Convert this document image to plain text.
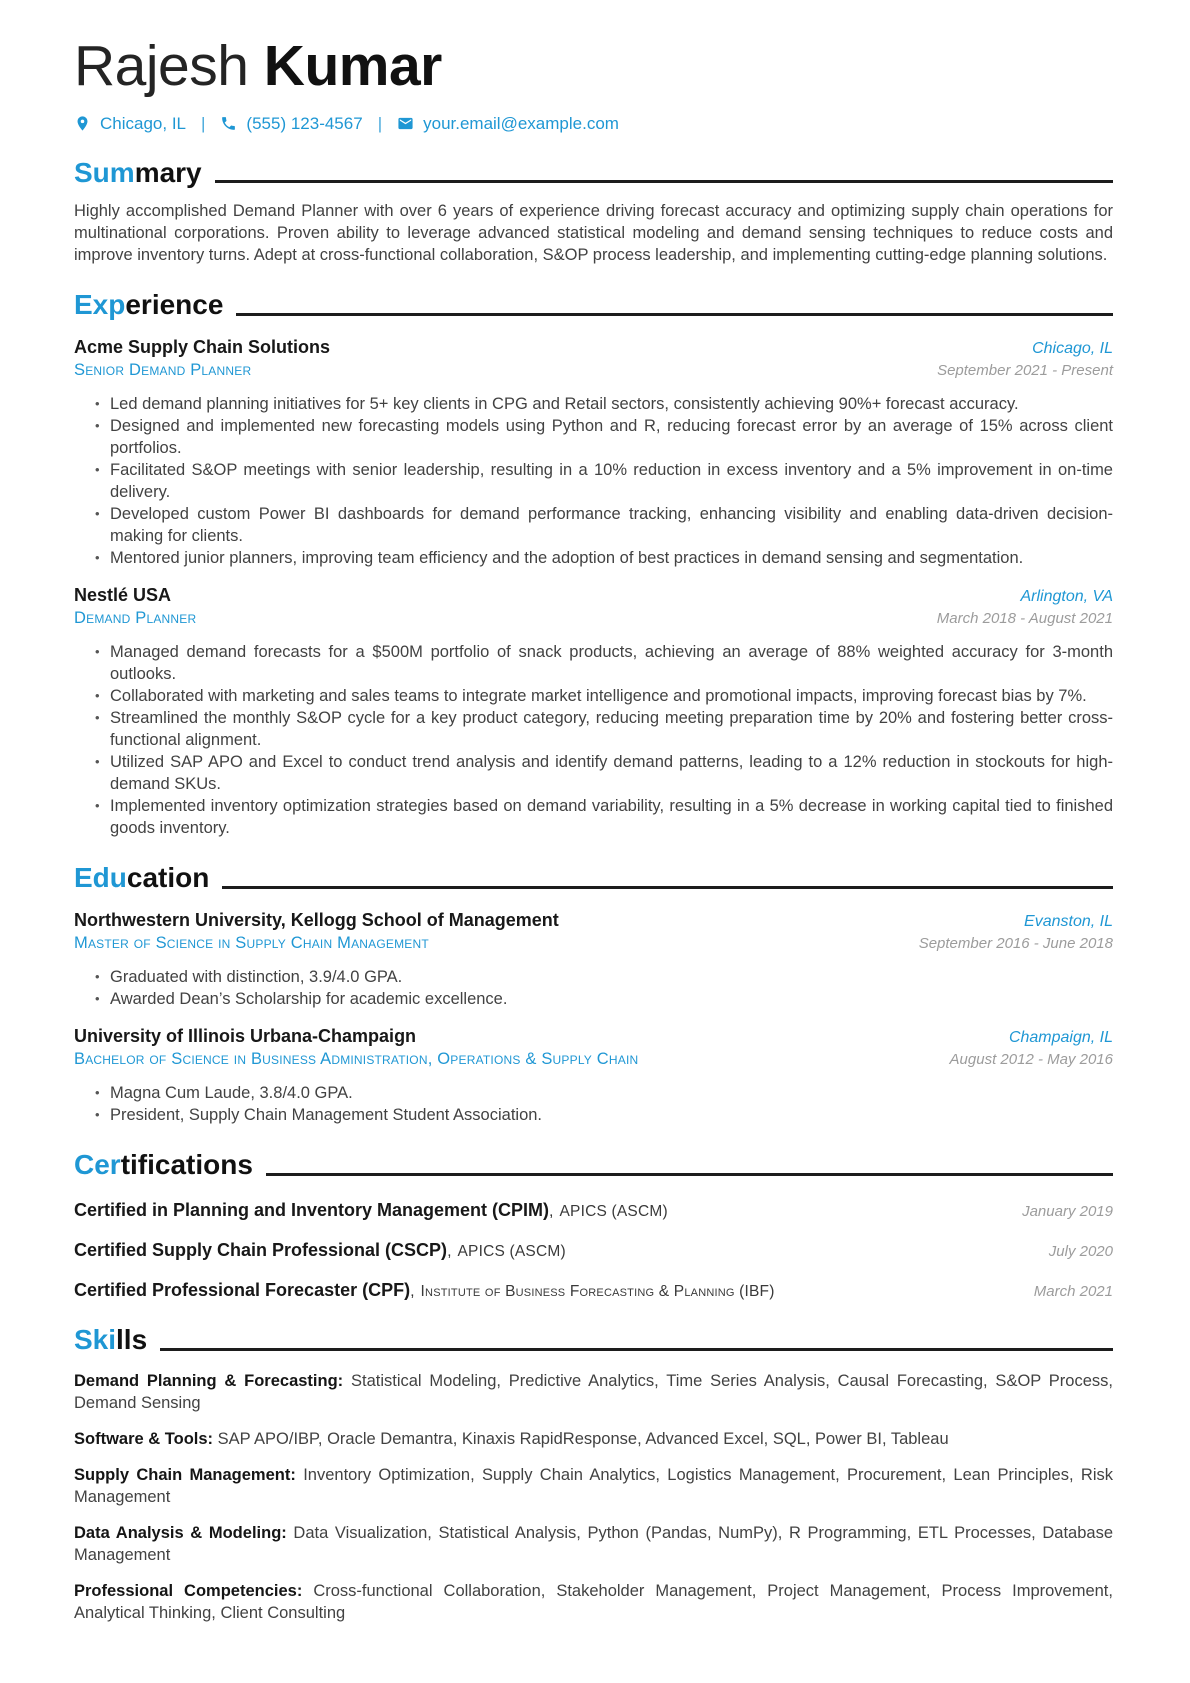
Rajesh Kumar
Chicago, IL | (555) 123-4567 | your.email@example.com
Sum mary

Highly accomplished Demand Planner with over 6 years of experience driving forecast accuracy and optimizing supply chain operations for multinational corporations. Proven ability to leverage advanced statistical modeling and demand sensing techniques to reduce costs and improve inventory turns. Adept at cross-functional collaboration, S&OP process leadership, and implementing cutting-edge planning solutions.

Exp erience
Acme Supply Chain Solutions	Chicago, IL
Senior Demand Planner	September 2021 - Present
• Led demand planning initiatives for 5+ key clients in CPG and Retail sectors, consistently achieving 90%+ forecast accuracy.
• Designed and implemented new forecasting models using Python and R, reducing forecast error by an average of 15% across client portfolios.
• Facilitated S&OP meetings with senior leadership, resulting in a 10% reduction in excess inventory and a 5% improvement in on-time delivery.
• Developed custom Power BI dashboards for demand performance tracking, enhancing visibility and enabling data-driven decision-making for clients.
• Mentored junior planners, improving team efficiency and the adoption of best practices in demand sensing and segmentation.
Nestlé USA	Arlington, VA
Demand Planner	March 2018 - August 2021
• Managed demand forecasts for a $500M portfolio of snack products, achieving an average of 88% weighted accuracy for 3-month outlooks.
• Collaborated with marketing and sales teams to integrate market intelligence and promotional impacts, improving forecast bias by 7%.
• Streamlined the monthly S&OP cycle for a key product category, reducing meeting preparation time by 20% and fostering better cross-functional alignment.
• Utilized SAP APO and Excel to conduct trend analysis and identify demand patterns, leading to a 12% reduction in stockouts for high-demand SKUs.
• Implemented inventory optimization strategies based on demand variability, resulting in a 5% decrease in working capital tied to finished goods inventory.
Edu cation
Northwestern University, Kellogg School of Management	Evanston, IL
Master of Science in Supply Chain Management	September 2016 - June 2018
• Graduated with distinction, 3.9/4.0 GPA.
• Awarded Dean’s Scholarship for academic excellence.
University of Illinois Urbana-Champaign	Champaign, IL
Bachelor of Science in Business Administration, Operations & Supply Chain	August 2012 - May 2016
• Magna Cum Laude, 3.8/4.0 GPA.
• President, Supply Chain Management Student Association.
Cer tifications
Certified in Planning and Inventory Management (CPIM), APICS (ASCM)	January 2019
Certified Supply Chain Professional (CSCP), APICS (ASCM)	July 2020
Certified Professional Forecaster (CPF), Institute of Business Forecasting & Planning (IBF)	March 2021
Ski lls

Demand Planning & Forecasting: Statistical Modeling, Predictive Analytics, Time Series Analysis, Causal Forecasting, S&OP Process, Demand Sensing

Software & Tools: SAP APO/IBP, Oracle Demantra, Kinaxis RapidResponse, Advanced Excel, SQL, Power BI, Tableau

Supply Chain Management: Inventory Optimization, Supply Chain Analytics, Logistics Management, Procurement, Lean Principles, Risk Management

Data Analysis & Modeling: Data Visualization, Statistical Analysis, Python (Pandas, NumPy), R Programming, ETL Processes, Database Management

Professional Competencies: Cross-functional Collaboration, Stakeholder Management, Project Management, Process Improvement, Analytical Thinking, Client Consulting
